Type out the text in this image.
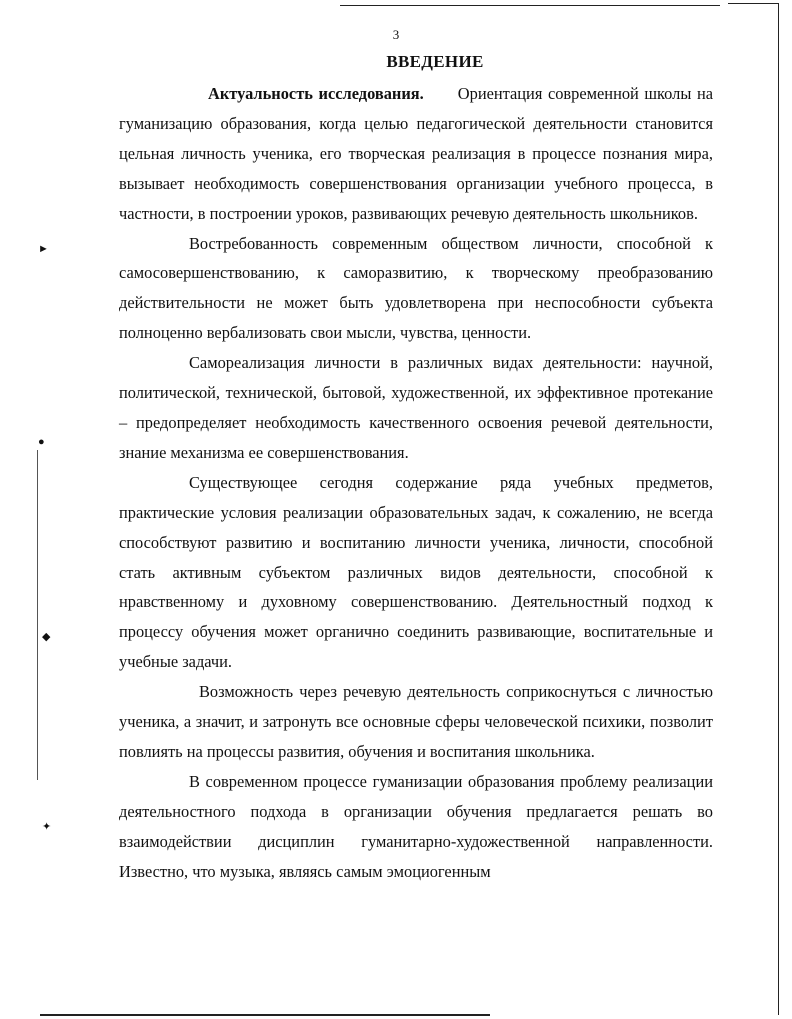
►
●
◆
✦
3
ВВЕДЕНИЕ

Актуальность исследования. Ориентация современной школы на гуманизацию образования, когда целью педагогической деятельности становится цельная личность ученика, его творческая реализация в процессе познания мира, вызывает необходимость совершенствования организации учебного процесса, в частности, в построении уроков, развивающих речевую деятельность школьников.

Востребованность современным обществом личности, способной к самосовершенствованию, к саморазвитию, к творческому преобразованию действительности не может быть удовлетворена при неспособности субъекта полноценно вербализовать свои мысли, чувства, ценности.

Самореализация личности в различных видах деятельности: научной, политической, технической, бытовой, художественной, их эффективное протекание – предопределяет необходимость качественного освоения речевой деятельности, знание механизма ее совершенствования.

Существующее сегодня содержание ряда учебных предметов, практические условия реализации образовательных задач, к сожалению, не всегда способствуют развитию и воспитанию личности ученика, личности, способной стать активным субъектом различных видов деятельности, способной к нравственному и духовному совершенствованию. Деятельностный подход к процессу обучения может органично соединить развивающие, воспитательные и учебные задачи.

Возможность через речевую деятельность соприкоснуться с личностью ученика, а значит, и затронуть все основные сферы человеческой психики, позволит повлиять на процессы развития, обучения и воспитания школьника.

В современном процессе гуманизации образования проблему реализации деятельностного подхода в организации обучения предлагается решать во взаимодействии дисциплин гуманитарно-художественной направленности. Известно, что музыка, являясь самым эмоциогенным
